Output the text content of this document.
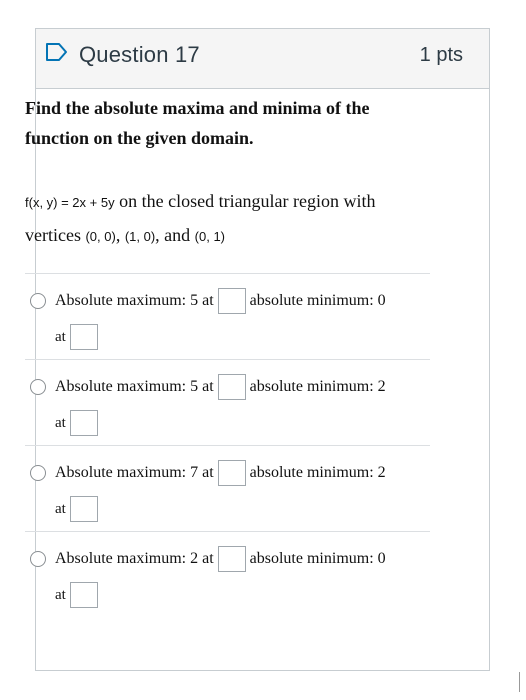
Question 17	1 pts
Find the absolute maxima and minima of the function on the given domain.
f(x, y) = 2x + 5y on the closed triangular region with vertices (0, 0), (1, 0), and (0, 1)
Absolute maximum: 5 at absolute minimum: 0
at
Absolute maximum: 5 at absolute minimum: 2
at
Absolute maximum: 7 at absolute minimum: 2
at
Absolute maximum: 2 at absolute minimum: 0
at
